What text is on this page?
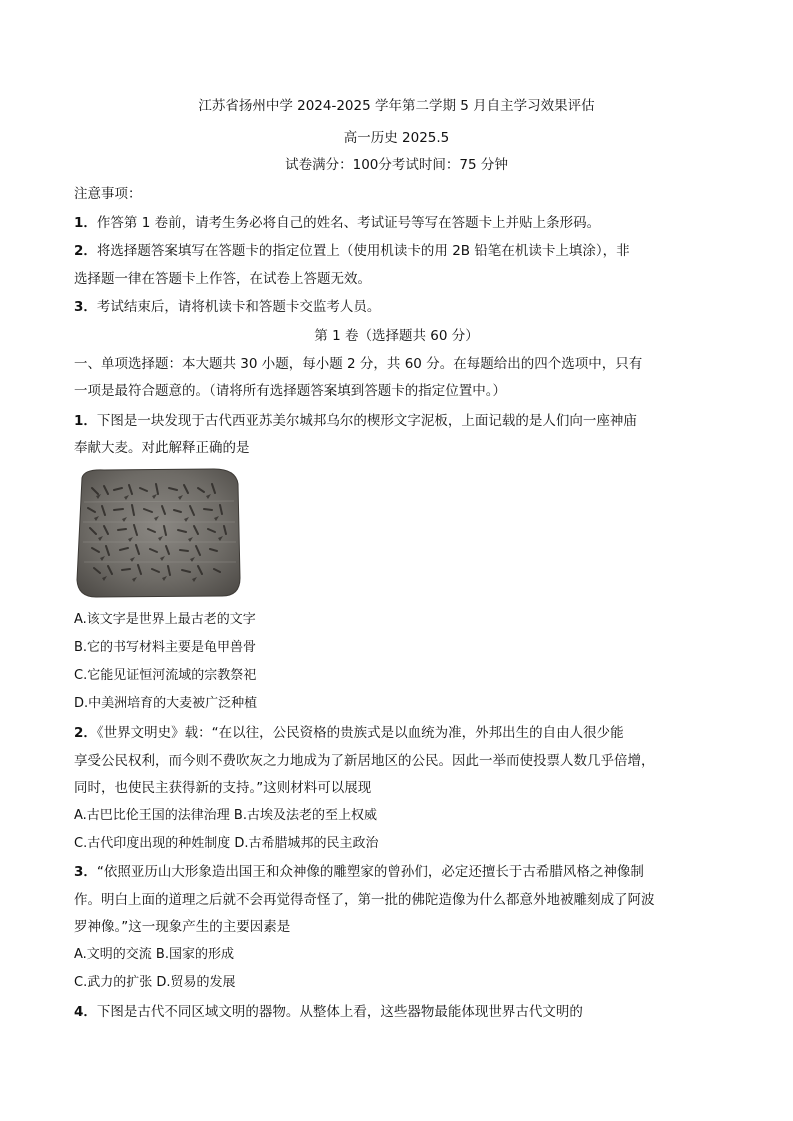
江苏省扬州中学 2024-2025 学年第二学期 5 月自主学习效果评估
高一历史 2025.5
试卷满分：100分考试时间：75 分钟
注意事项：
1．作答第 1 卷前，请考生务必将自己的姓名、考试证号等写在答题卡上并贴上条形码。
2．将选择题答案填写在答题卡的指定位置上（使用机读卡的用 2B 铅笔在机读卡上填涂），非
选择题一律在答题卡上作答，在试卷上答题无效。
3．考试结束后，请将机读卡和答题卡交监考人员。
第 1 卷（选择题共 60 分）
一、单项选择题：本大题共 30 小题，每小题 2 分，共 60 分。在每题给出的四个选项中，只有
一项是最符合题意的。（请将所有选择题答案填到答题卡的指定位置中。）
1．下图是一块发现于古代西亚苏美尔城邦乌尔的楔形文字泥板，上面记载的是人们向一座神庙
奉献大麦。对此解释正确的是
A.该文字是世界上最古老的文字
B.它的书写材料主要是龟甲兽骨
C.它能见证恒河流域的宗教祭祀
D.中美洲培育的大麦被广泛种植
2．《世界文明史》载：“在以往，公民资格的贵族式是以血统为准，外邦出生的自由人很少能
享受公民权利，而今则不费吹灰之力地成为了新居地区的公民。因此一举而使投票人数几乎倍增，
同时，也使民主获得新的支持。”这则材料可以展现
A.古巴比伦王国的法律治理 B.古埃及法老的至上权威
C.古代印度出现的种姓制度 D.古希腊城邦的民主政治
3．“依照亚历山大形象造出国王和众神像的雕塑家的曾孙们，必定还擅长于古希腊风格之神像制
作。明白上面的道理之后就不会再觉得奇怪了，第一批的佛陀造像为什么都意外地被雕刻成了阿波
罗神像。”这一现象产生的主要因素是
A.文明的交流 B.国家的形成
C.武力的扩张 D.贸易的发展
4．下图是古代不同区域文明的器物。从整体上看，这些器物最能体现世界古代文明的
